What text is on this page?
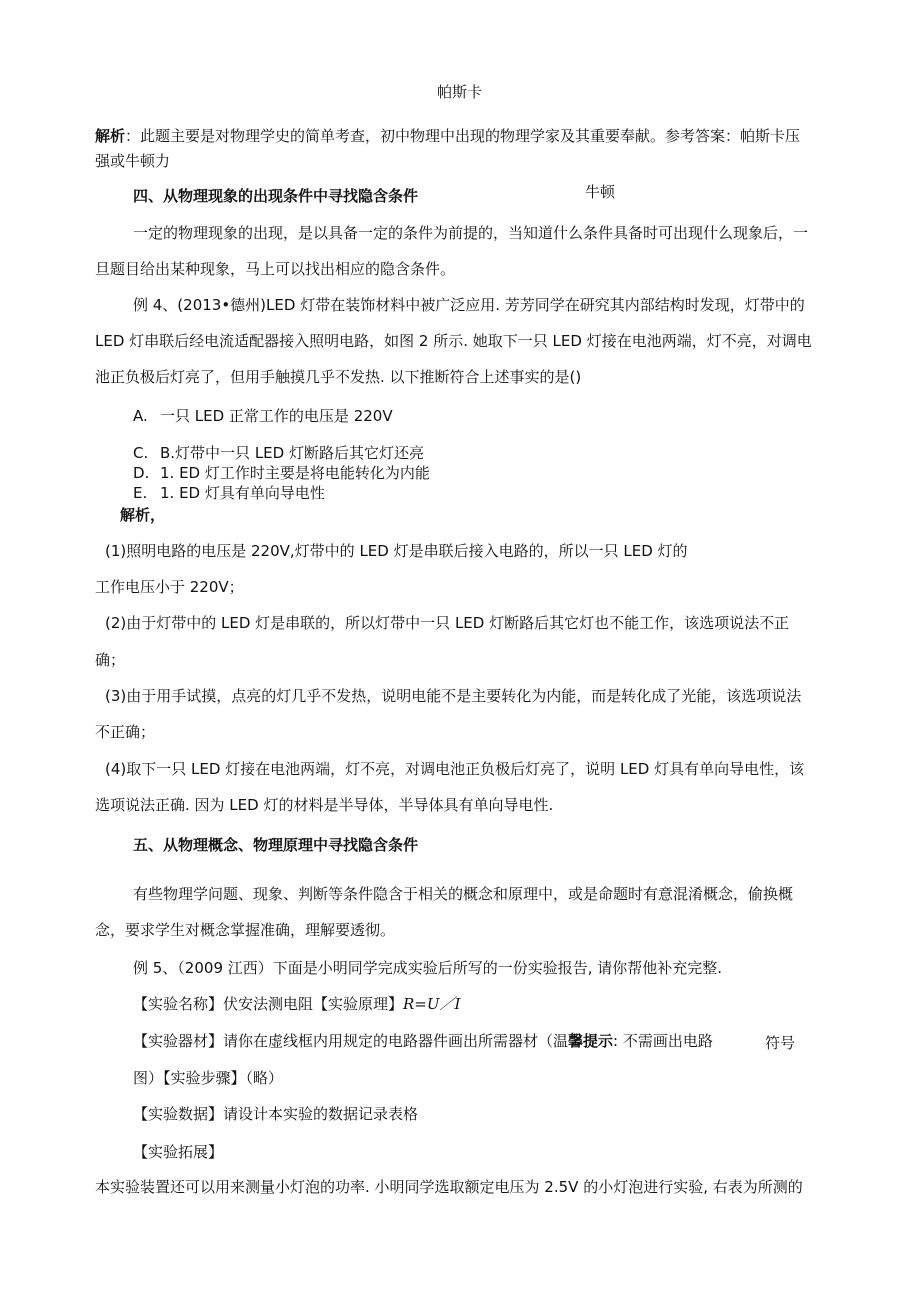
帕斯卡
解析：此题主要是对物理学史的简单考查，初中物理中出现的物理学家及其重要奉献。参考答案：帕斯卡压
强或牛顿力
四、从物理现象的出现条件中寻找隐含条件	牛顿
一定的物理现象的出现，是以具备一定的条件为前提的，当知道什么条件具备时可出现什么现象后，一
旦题目给出某种现象，马上可以找出相应的隐含条件。
例 4、(2013•德州)LED 灯带在装饰材料中被广泛应用. 芳芳同学在研究其内部结构时发现，灯带中的
LED 灯串联后经电流适配器接入照明电路，如图 2 所示. 她取下一只 LED 灯接在电池两端，灯不亮，对调电
池正负极后灯亮了，但用手触摸几乎不发热. 以下推断符合上述事实的是()
A. 一只 LED 正常工作的电压是 220V
C. B.灯带中一只 LED 灯断路后其它灯还亮
D. 1. ED 灯工作时主要是将电能转化为内能
E. 1. ED 灯具有单向导电性
解析，
(1)照明电路的电压是 220V,灯带中的 LED 灯是串联后接入电路的，所以一只 LED 灯的
工作电压小于 220V；
(2)由于灯带中的 LED 灯是串联的，所以灯带中一只 LED 灯断路后其它灯也不能工作，该选项说法不正
确；
(3)由于用手试摸，点亮的灯几乎不发热，说明电能不是主要转化为内能，而是转化成了光能，该选项说法
不正确；
(4)取下一只 LED 灯接在电池两端，灯不亮，对调电池正负极后灯亮了，说明 LED 灯具有单向导电性，该
选项说法正确. 因为 LED 灯的材料是半导体，半导体具有单向导电性.
五、从物理概念、物理原理中寻找隐含条件
有些物理学问题、现象、判断等条件隐含于相关的概念和原理中，或是命题时有意混淆概念，偷换概
念，要求学生对概念掌握准确，理解要透彻。
例 5、（2009 江西）下面是小明同学完成实验后所写的一份实验报告, 请你帮他补充完整.
【实验名称】伏安法测电阻【实验原理】R=U／I
【实验器材】请你在虚线框内用规定的电路器件画出所需器材（温馨提示: 不需画出电路	符号
图）【实验步骤】（略）
【实验数据】请设计本实验的数据记录表格
【实验拓展】
本实验装置还可以用来测量小灯泡的功率. 小明同学选取额定电压为 2.5V 的小灯泡进行实验, 右表为所测的
